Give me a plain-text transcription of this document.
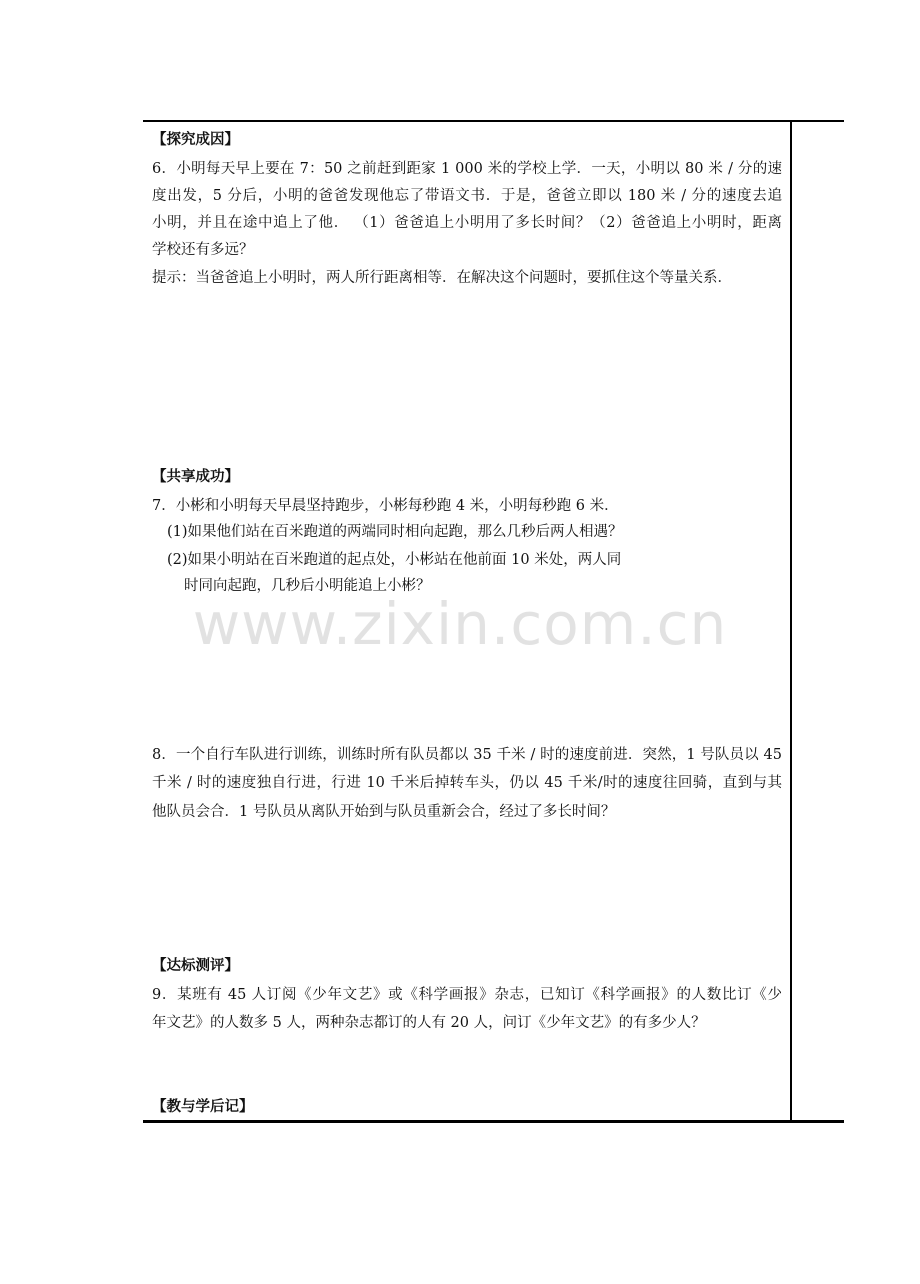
【探究成因】
6．小明每天早上要在 7：50 之前赶到距家 1 000 米的学校上学．一天，小明以 80 米 / 分的速
度出发，5 分后，小明的爸爸发现他忘了带语文书．于是，爸爸立即以 180 米 / 分的速度去追
小明，并且在途中追上了他． （1）爸爸追上小明用了多长时间？（2）爸爸追上小明时，距离
学校还有多远？
提示：当爸爸追上小明时，两人所行距离相等．在解决这个问题时，要抓住这个等量关系．
【共享成功】
7．小彬和小明每天早晨坚持跑步，小彬每秒跑 4 米，小明每秒跑 6 米．
(1)如果他们站在百米跑道的两端同时相向起跑，那么几秒后两人相遇？
(2)如果小明站在百米跑道的起点处，小彬站在他前面 10 米处，两人同
时同向起跑，几秒后小明能追上小彬？
www.zixin.com.cn
8．一个自行车队进行训练，训练时所有队员都以 35 千米 / 时的速度前进．突然，1 号队员以 45
千米 / 时的速度独自行进，行进 10 千米后掉转车头，仍以 45 千米/时的速度往回骑，直到与其
他队员会合．1 号队员从离队开始到与队员重新会合，经过了多长时间？
【达标测评】
9．某班有 45 人订阅《少年文艺》或《科学画报》杂志，已知订《科学画报》的人数比订《少
年文艺》的人数多 5 人，两种杂志都订的人有 20 人，问订《少年文艺》的有多少人？
【教与学后记】
